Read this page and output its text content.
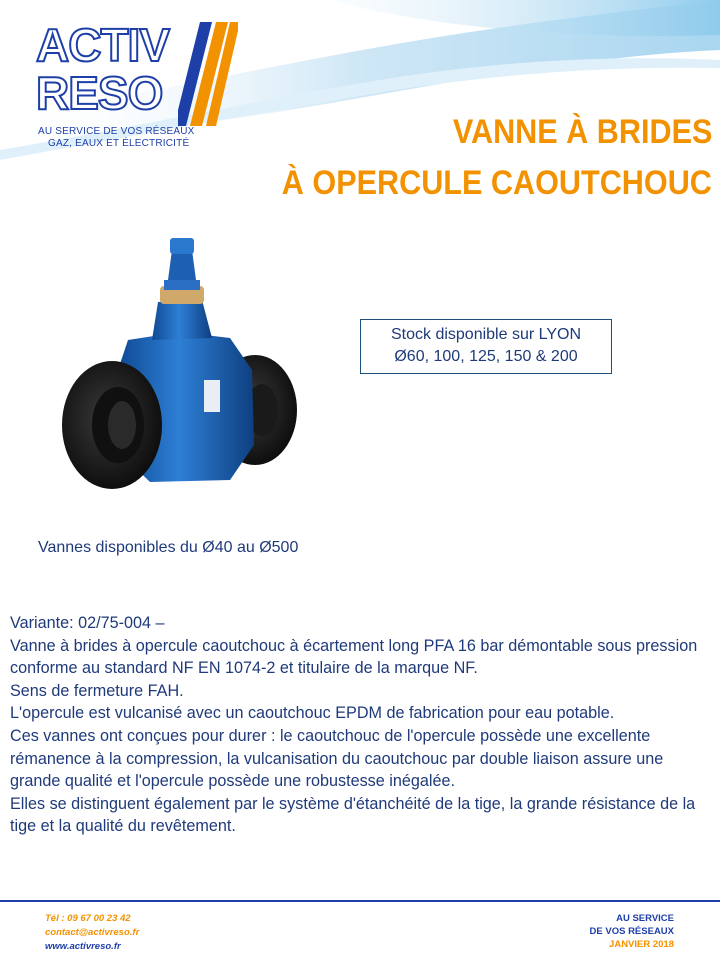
ACTIV
RESO
AU SERVICE DE VOS RÉSEAUX
GAZ, EAUX ET ÉLECTRICITÉ	VANNE À BRIDES
À OPERCULE CAOUTCHOUC
Stock disponible sur LYON
Ø60, 100, 125, 150 & 200
Vannes disponibles du Ø40 au Ø500

Variante: 02/75-004 –

Vanne à brides à opercule caoutchouc à écartement long PFA 16 bar démontable sous pression conforme au standard NF EN 1074-2 et titulaire de la marque NF.

Sens de fermeture FAH.

L'opercule est vulcanisé avec un caoutchouc EPDM de fabrication pour eau potable.

Ces vannes ont conçues pour durer : le caoutchouc de l'opercule possède une excellente rémanence à la compression, la vulcanisation du caoutchouc par double liaison assure une grande qualité et l'opercule possède une robustesse inégalée.

Elles se distinguent également par le système d'étanchéité de la tige, la grande résistance de la tige et la qualité du revêtement.

Tél : 09 67 00 23 42
contact@activreso.fr
www.activreso.fr
AU SERVICE
DE VOS RÉSEAUX
JANVIER 2018
